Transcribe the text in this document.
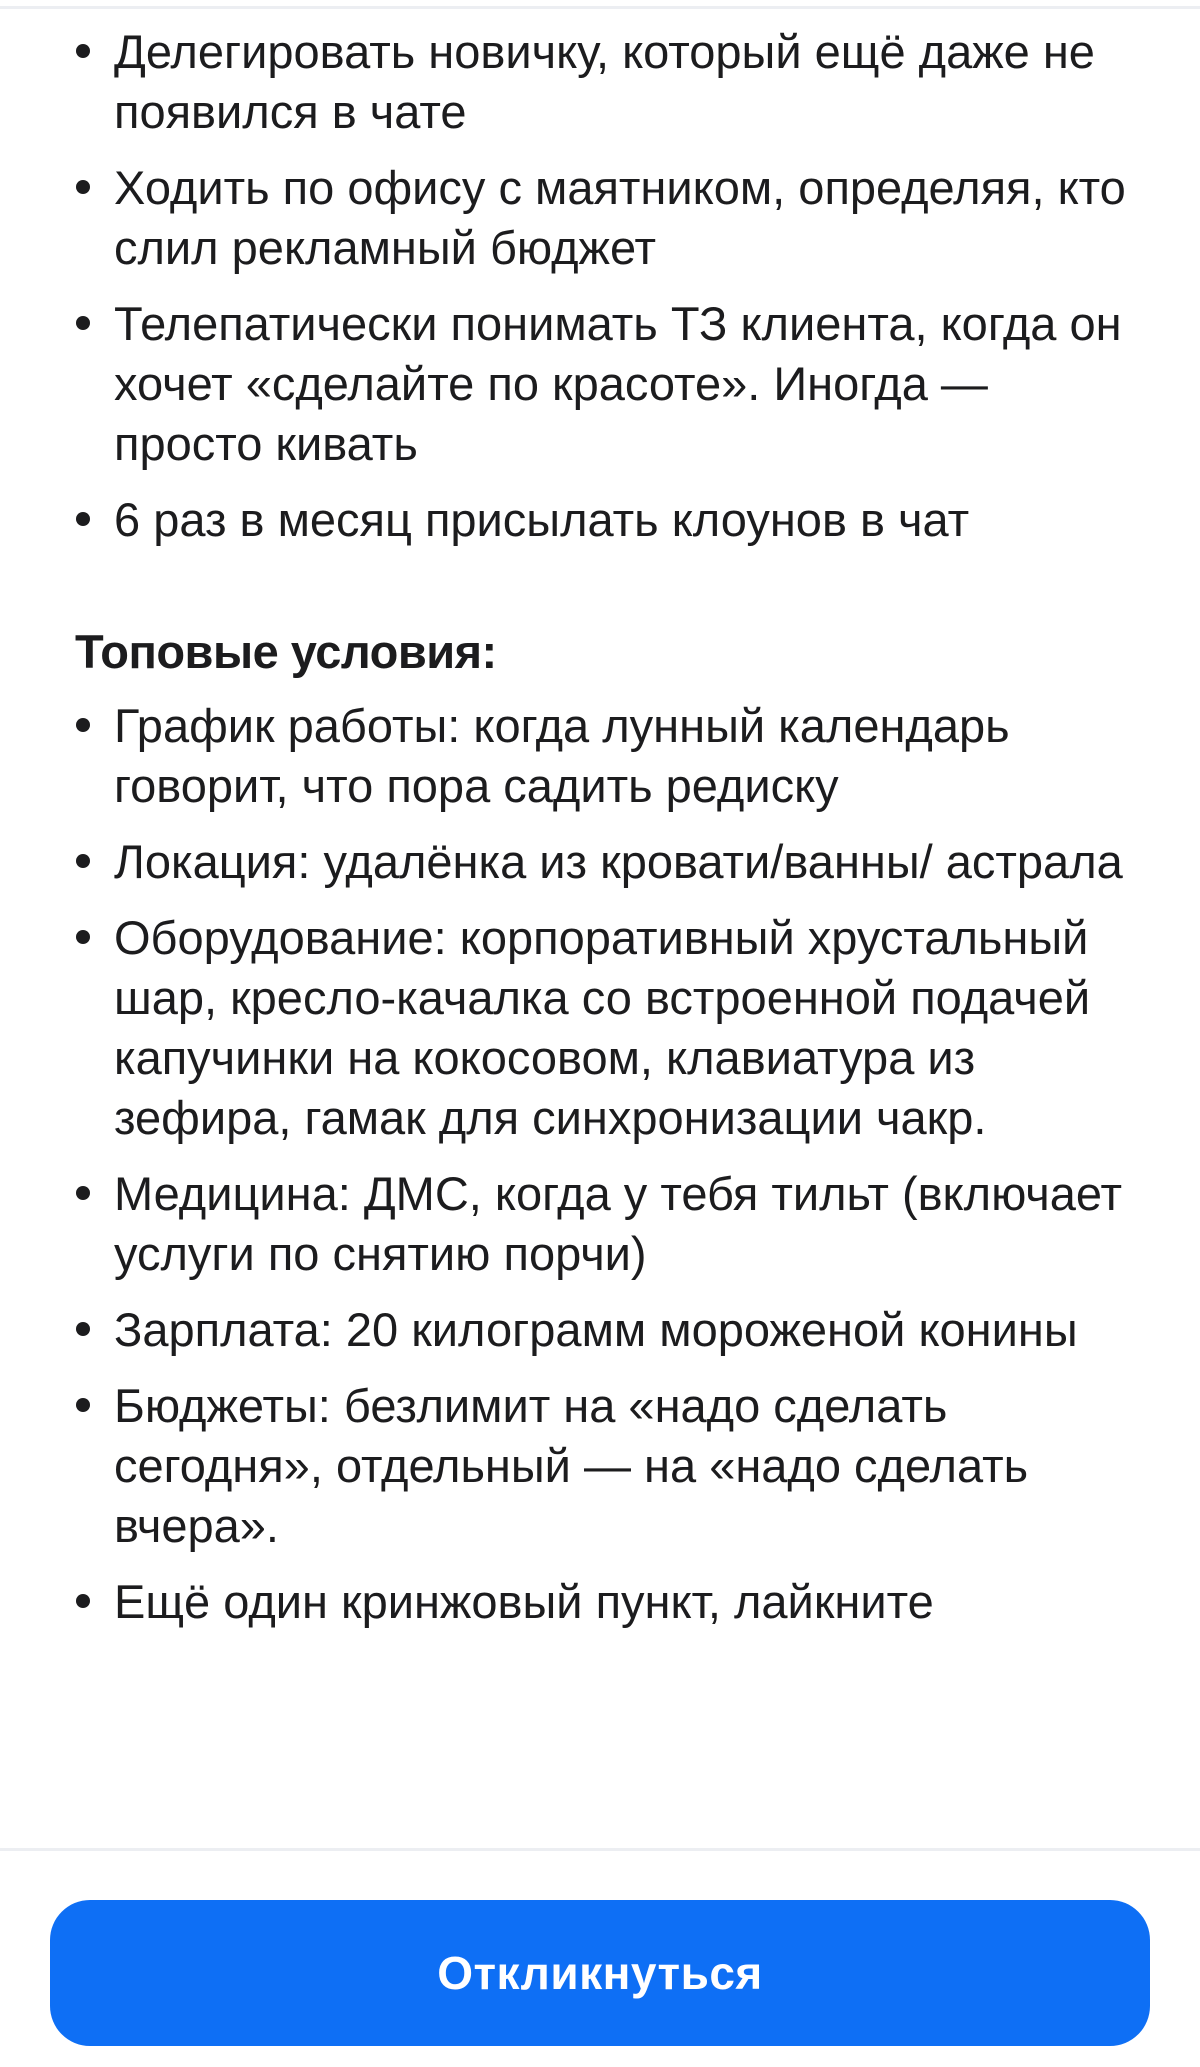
Делегировать новичку, который ещё даже не появился в чате
Ходить по офису с маятником, определяя, кто слил рекламный бюджет
Телепатически понимать ТЗ клиента, когда он хочет «сделайте по красоте». Иногда — просто кивать
6 раз в месяц присылать клоунов в чат
Топовые условия:
График работы: когда лунный календарь говорит, что пора садить редиску
Локация: удалёнка из кровати/ванны/ астрала
Оборудование: корпоративный хрустальный шар, кресло-качалка со встроенной подачей капучинки на кокосовом, клавиатура из зефира, гамак для синхронизации чакр.
Медицина: ДМС, когда у тебя тильт (включает услуги по снятию порчи)
Зарплата: 20 килограмм мороженой конины
Бюджеты: безлимит на «надо сделать сегодня», отдельный — на «надо сделать вчера».
Ещё один кринжовый пункт, лайкните
Откликнуться
